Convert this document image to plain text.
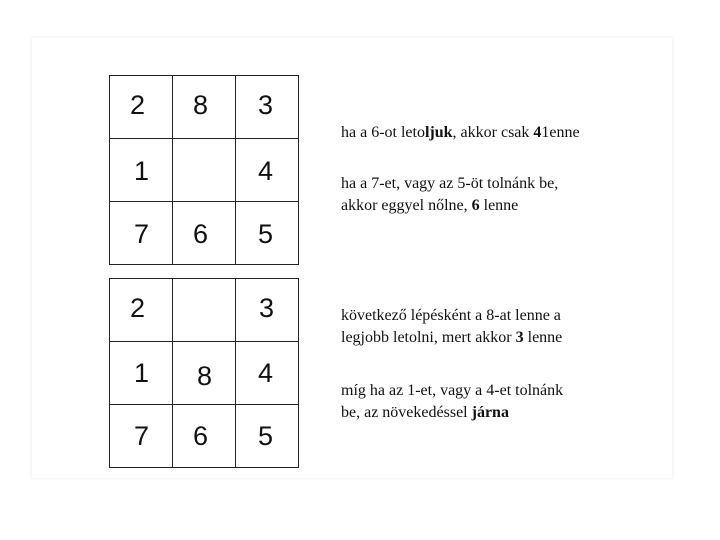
2	8	3

1		4

7	6	5
2		3

1	8	4

7	6	5
ha a 6-ot letoljuk, akkor csak 41enne
ha a 7-et, vagy az 5-öt tolnánk be,
akkor eggyel nőlne, 6 lenne
következő lépésként a 8-at lenne a
legjobb letolni, mert akkor 3 lenne
míg ha az 1-et, vagy a 4-et tolnánk
be, az növekedéssel járna
